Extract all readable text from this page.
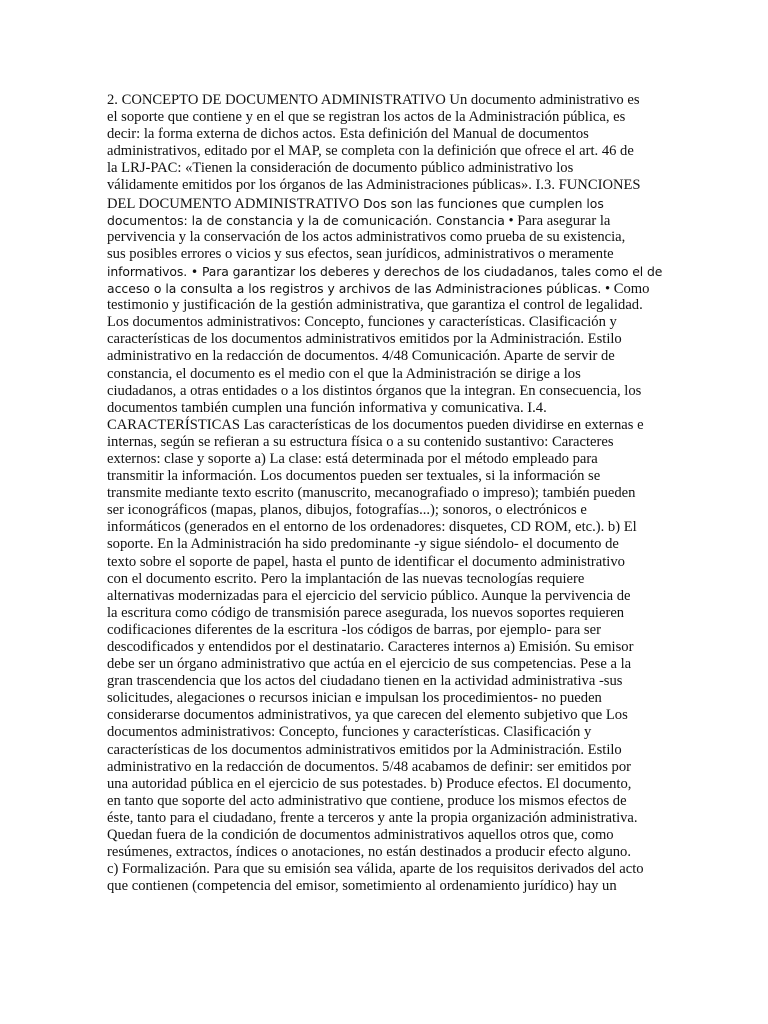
2. CONCEPTO DE DOCUMENTO ADMINISTRATIVO Un documento administrativo es
el soporte que contiene y en el que se registran los actos de la Administración pública, es
decir: la forma externa de dichos actos. Esta definición del Manual de documentos
administrativos, editado por el MAP, se completa con la definición que ofrece el art. 46 de
la LRJ-PAC: «Tienen la consideración de documento público administrativo los
válidamente emitidos por los órganos de las Administraciones públicas». I.3. FUNCIONES
DEL DOCUMENTO ADMINISTRATIVO Dos son las funciones que cumplen los
documentos: la de constancia y la de comunicación. Constancia • Para asegurar la
pervivencia y la conservación de los actos administrativos como prueba de su existencia,
sus posibles errores o vicios y sus efectos, sean jurídicos, administrativos o meramente
informativos. • Para garantizar los deberes y derechos de los ciudadanos, tales como el de
acceso o la consulta a los registros y archivos de las Administraciones públicas. • Como
testimonio y justificación de la gestión administrativa, que garantiza el control de legalidad.
Los documentos administrativos: Concepto, funciones y características. Clasificación y
características de los documentos administrativos emitidos por la Administración. Estilo
administrativo en la redacción de documentos. 4/48 Comunicación. Aparte de servir de
constancia, el documento es el medio con el que la Administración se dirige a los
ciudadanos, a otras entidades o a los distintos órganos que la integran. En consecuencia, los
documentos también cumplen una función informativa y comunicativa. I.4.
CARACTERÍSTICAS Las características de los documentos pueden dividirse en externas e
internas, según se refieran a su estructura física o a su contenido sustantivo: Caracteres
externos: clase y soporte a) La clase: está determinada por el método empleado para
transmitir la información. Los documentos pueden ser textuales, si la información se
transmite mediante texto escrito (manuscrito, mecanografiado o impreso); también pueden
ser iconográficos (mapas, planos, dibujos, fotografías...); sonoros, o electrónicos e
informáticos (generados en el entorno de los ordenadores: disquetes, CD ROM, etc.). b) El
soporte. En la Administración ha sido predominante -y sigue siéndolo- el documento de
texto sobre el soporte de papel, hasta el punto de identificar el documento administrativo
con el documento escrito. Pero la implantación de las nuevas tecnologías requiere
alternativas modernizadas para el ejercicio del servicio público. Aunque la pervivencia de
la escritura como código de transmisión parece asegurada, los nuevos soportes requieren
codificaciones diferentes de la escritura -los códigos de barras, por ejemplo- para ser
descodificados y entendidos por el destinatario. Caracteres internos a) Emisión. Su emisor
debe ser un órgano administrativo que actúa en el ejercicio de sus competencias. Pese a la
gran trascendencia que los actos del ciudadano tienen en la actividad administrativa -sus
solicitudes, alegaciones o recursos inician e impulsan los procedimientos- no pueden
considerarse documentos administrativos, ya que carecen del elemento subjetivo que Los
documentos administrativos: Concepto, funciones y características. Clasificación y
características de los documentos administrativos emitidos por la Administración. Estilo
administrativo en la redacción de documentos. 5/48 acabamos de definir: ser emitidos por
una autoridad pública en el ejercicio de sus potestades. b) Produce efectos. El documento,
en tanto que soporte del acto administrativo que contiene, produce los mismos efectos de
éste, tanto para el ciudadano, frente a terceros y ante la propia organización administrativa.
Quedan fuera de la condición de documentos administrativos aquellos otros que, como
resúmenes, extractos, índices o anotaciones, no están destinados a producir efecto alguno.
c) Formalización. Para que su emisión sea válida, aparte de los requisitos derivados del acto
que contienen (competencia del emisor, sometimiento al ordenamiento jurídico) hay un
